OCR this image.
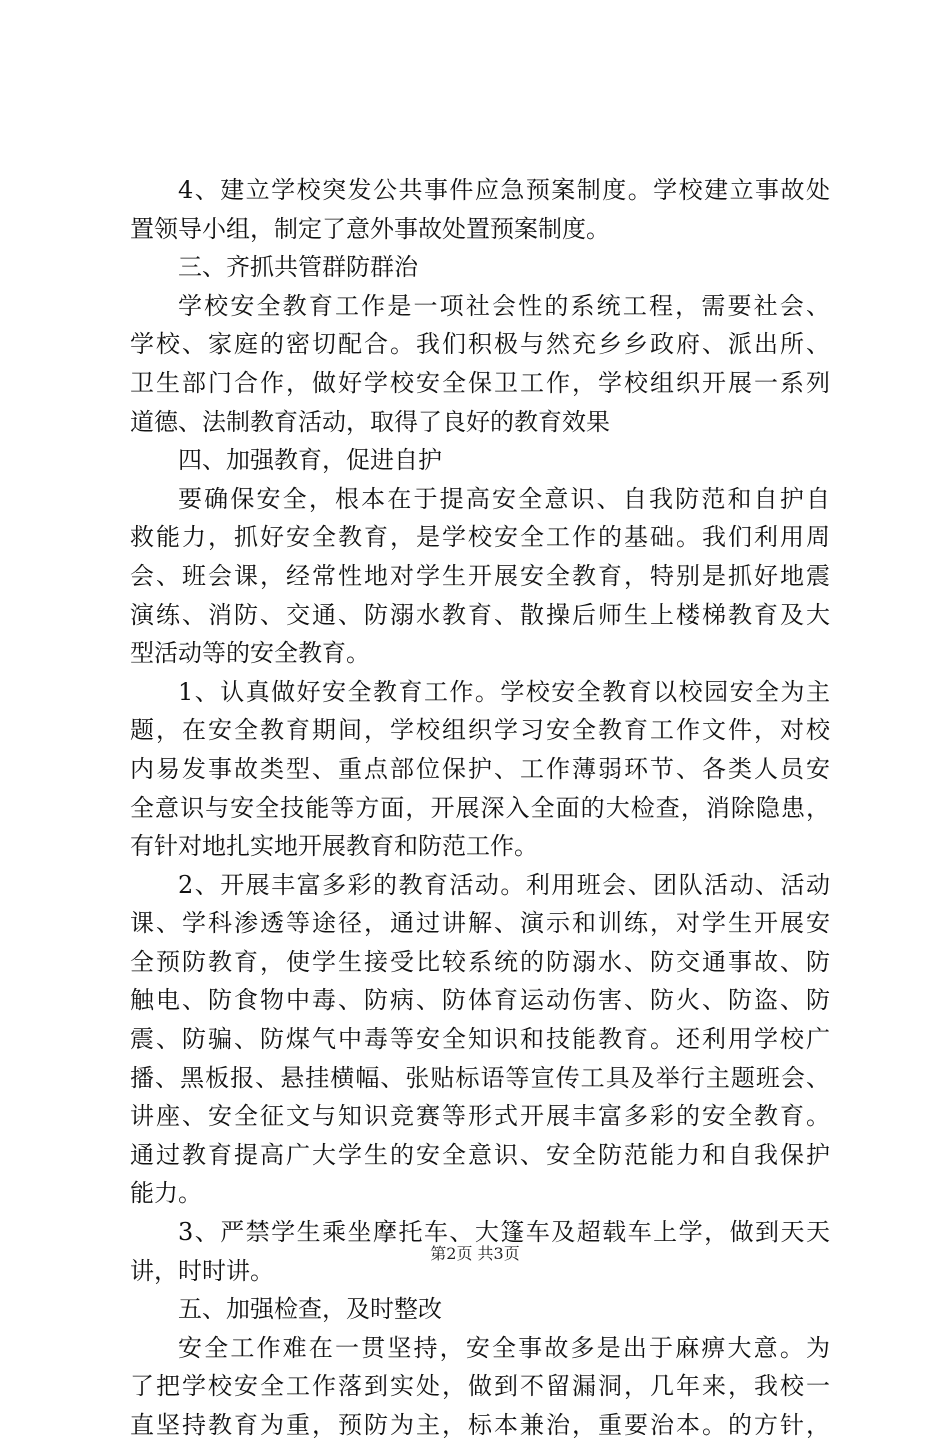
4、建立学校突发公共事件应急预案制度。学校建立事故处
置领导小组，制定了意外事故处置预案制度。
三、齐抓共管群防群治
学校安全教育工作是一项社会性的系统工程，需要社会、
学校、家庭的密切配合。我们积极与然充乡乡政府、派出所、
卫生部门合作，做好学校安全保卫工作，学校组织开展一系列
道德、法制教育活动，取得了良好的教育效果
四、加强教育，促进自护
要确保安全，根本在于提高安全意识、自我防范和自护自
救能力，抓好安全教育，是学校安全工作的基础。我们利用周
会、班会课，经常性地对学生开展安全教育，特别是抓好地震
演练、消防、交通、防溺水教育、散操后师生上楼梯教育及大
型活动等的安全教育。
1、认真做好安全教育工作。学校安全教育以校园安全为主
题，在安全教育期间，学校组织学习安全教育工作文件，对校
内易发事故类型、重点部位保护、工作薄弱环节、各类人员安
全意识与安全技能等方面，开展深入全面的大检查，消除隐患，
有针对地扎实地开展教育和防范工作。
2、开展丰富多彩的教育活动。利用班会、团队活动、活动
课、学科渗透等途径，通过讲解、演示和训练，对学生开展安
全预防教育，使学生接受比较系统的防溺水、防交通事故、防
触电、防食物中毒、防病、防体育运动伤害、防火、防盗、防
震、防骗、防煤气中毒等安全知识和技能教育。还利用学校广
播、黑板报、悬挂横幅、张贴标语等宣传工具及举行主题班会、
讲座、安全征文与知识竞赛等形式开展丰富多彩的安全教育。
通过教育提高广大学生的安全意识、安全防范能力和自我保护
能力。
3、严禁学生乘坐摩托车、大篷车及超载车上学，做到天天
讲，时时讲。
五、加强检查，及时整改
安全工作难在一贯坚持，安全事故多是出于麻痹大意。为
了把学校安全工作落到实处，做到不留漏洞，几年来，我校一
直坚持教育为重，预防为主，标本兼治，重要治本。的方针，
第2页 共3页
